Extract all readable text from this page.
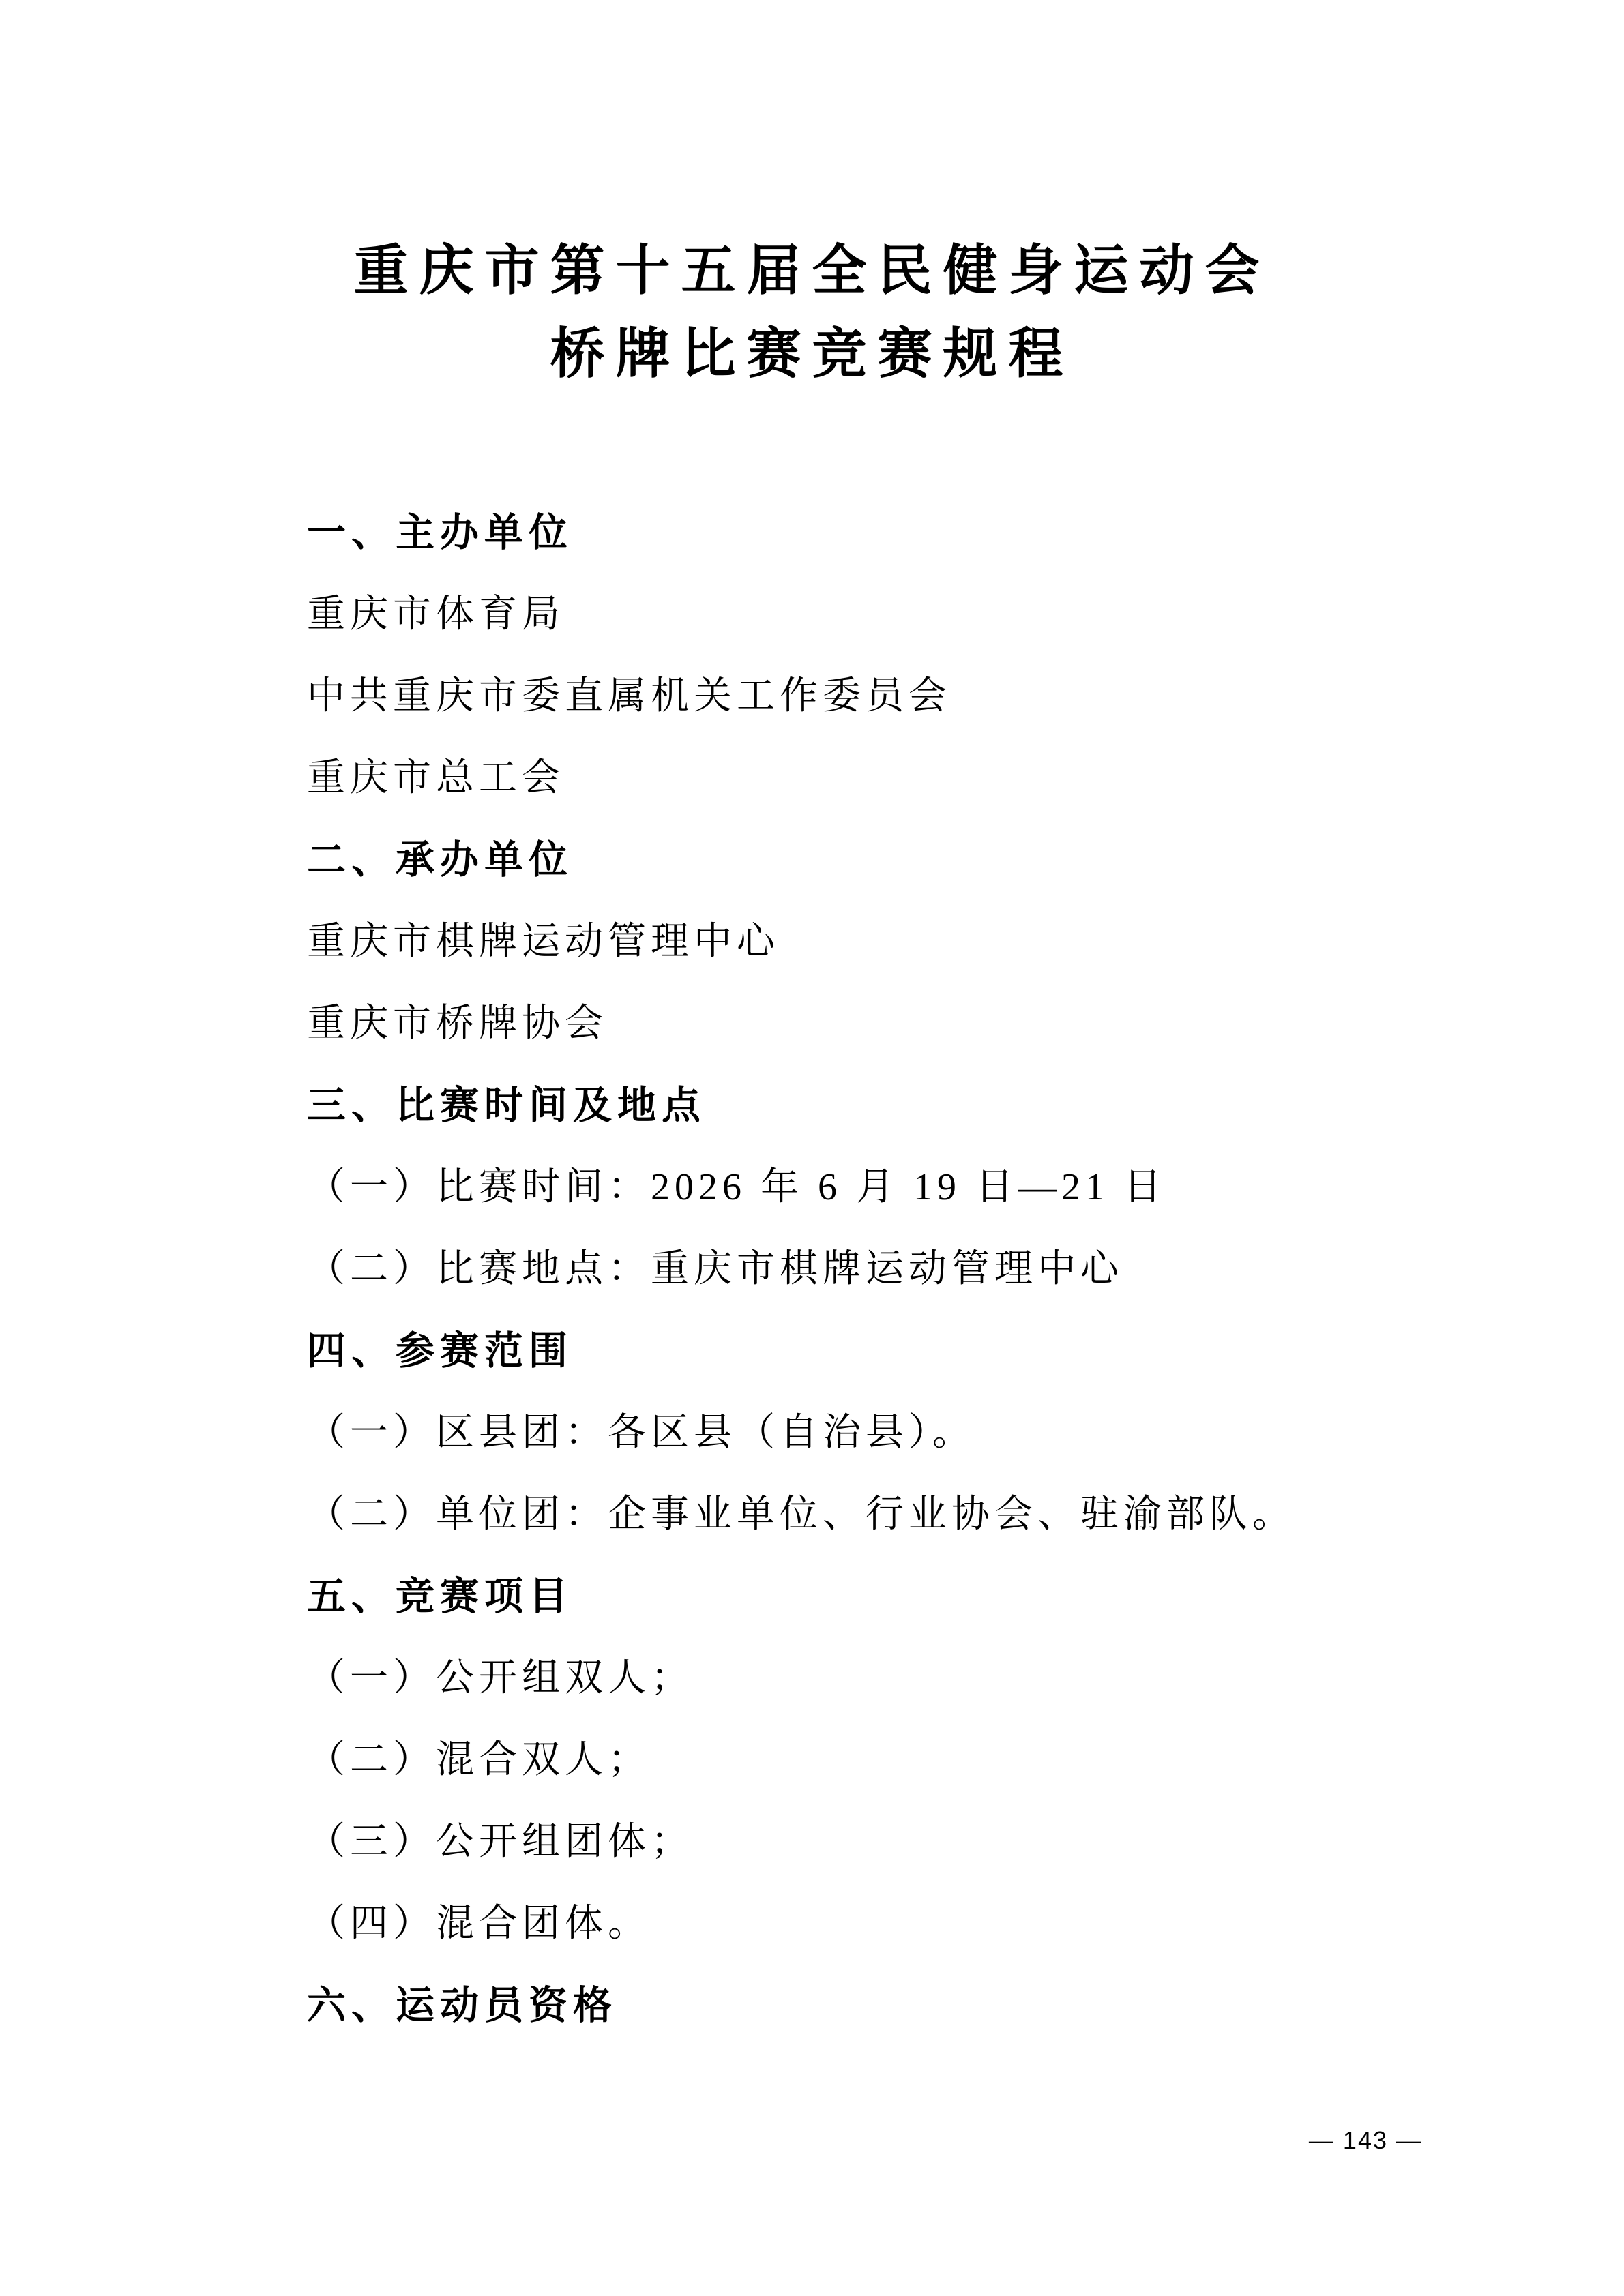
重庆市第十五届全民健身运动会
桥牌比赛竞赛规程
一、主办单位
重庆市体育局
中共重庆市委直属机关工作委员会
重庆市总工会
二、承办单位
重庆市棋牌运动管理中心
重庆市桥牌协会
三、比赛时间及地点
（一）比赛时间：2026 年 6 月 19 日—21 日
（二）比赛地点：重庆市棋牌运动管理中心
四、参赛范围
（一）区县团：各区县（自治县）。
（二）单位团：企事业单位、行业协会、驻渝部队。
五、竞赛项目
（一）公开组双人；
（二）混合双人；
（三）公开组团体；
（四）混合团体。
六、运动员资格
— 143 —
